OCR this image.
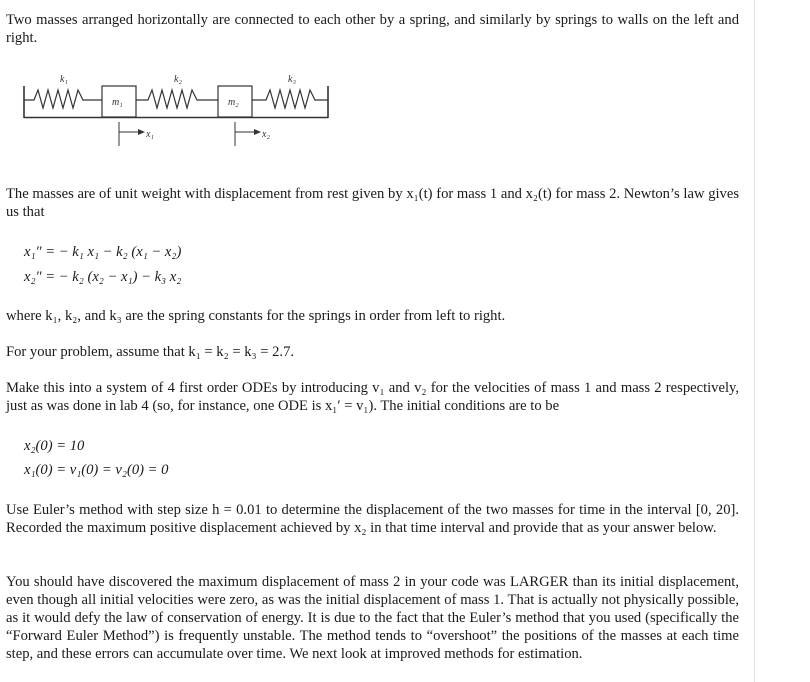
Two masses arranged horizontally are connected to each other by a spring, and similarly by springs to walls on the left and right.

k₁	k₂	k₃
m₁	m₂
x₁	x₂

The masses are of unit weight with displacement from rest given by x₁(t) for mass 1 and x₂(t) for mass 2. Newton’s law gives us that

x₁″ = − k₁ x₁ − k₂ (x₁ − x₂)

x₂″ = − k₂ (x₂ − x₁) − k₃ x₂

where k₁, k₂, and k₃ are the spring constants for the springs in order from left to right.

For your problem, assume that k₁ = k₂ = k₃ = 2.7.

Make this into a system of 4 first order ODEs by introducing v₁ and v₂ for the velocities of mass 1 and mass 2 respectively, just as was done in lab 4 (so, for instance, one ODE is x₁′ = v₁). The initial conditions are to be

x₂(0) = 10

x₁(0) = v₁(0) = v₂(0) = 0

Use Euler’s method with step size h = 0.01 to determine the displacement of the two masses for time in the interval [0, 20]. Recorded the maximum positive displacement achieved by x₂ in that time interval and provide that as your answer below.

You should have discovered the maximum displacement of mass 2 in your code was LARGER than its initial displacement, even though all initial velocities were zero, as was the initial displacement of mass 1. That is actually not physically possible, as it would defy the law of conservation of energy. It is due to the fact that the Euler’s method that you used (specifically the “Forward Euler Method”) is frequently unstable. The method tends to “overshoot” the positions of the masses at each time step, and these errors can accumulate over time. We next look at improved methods for estimation.
